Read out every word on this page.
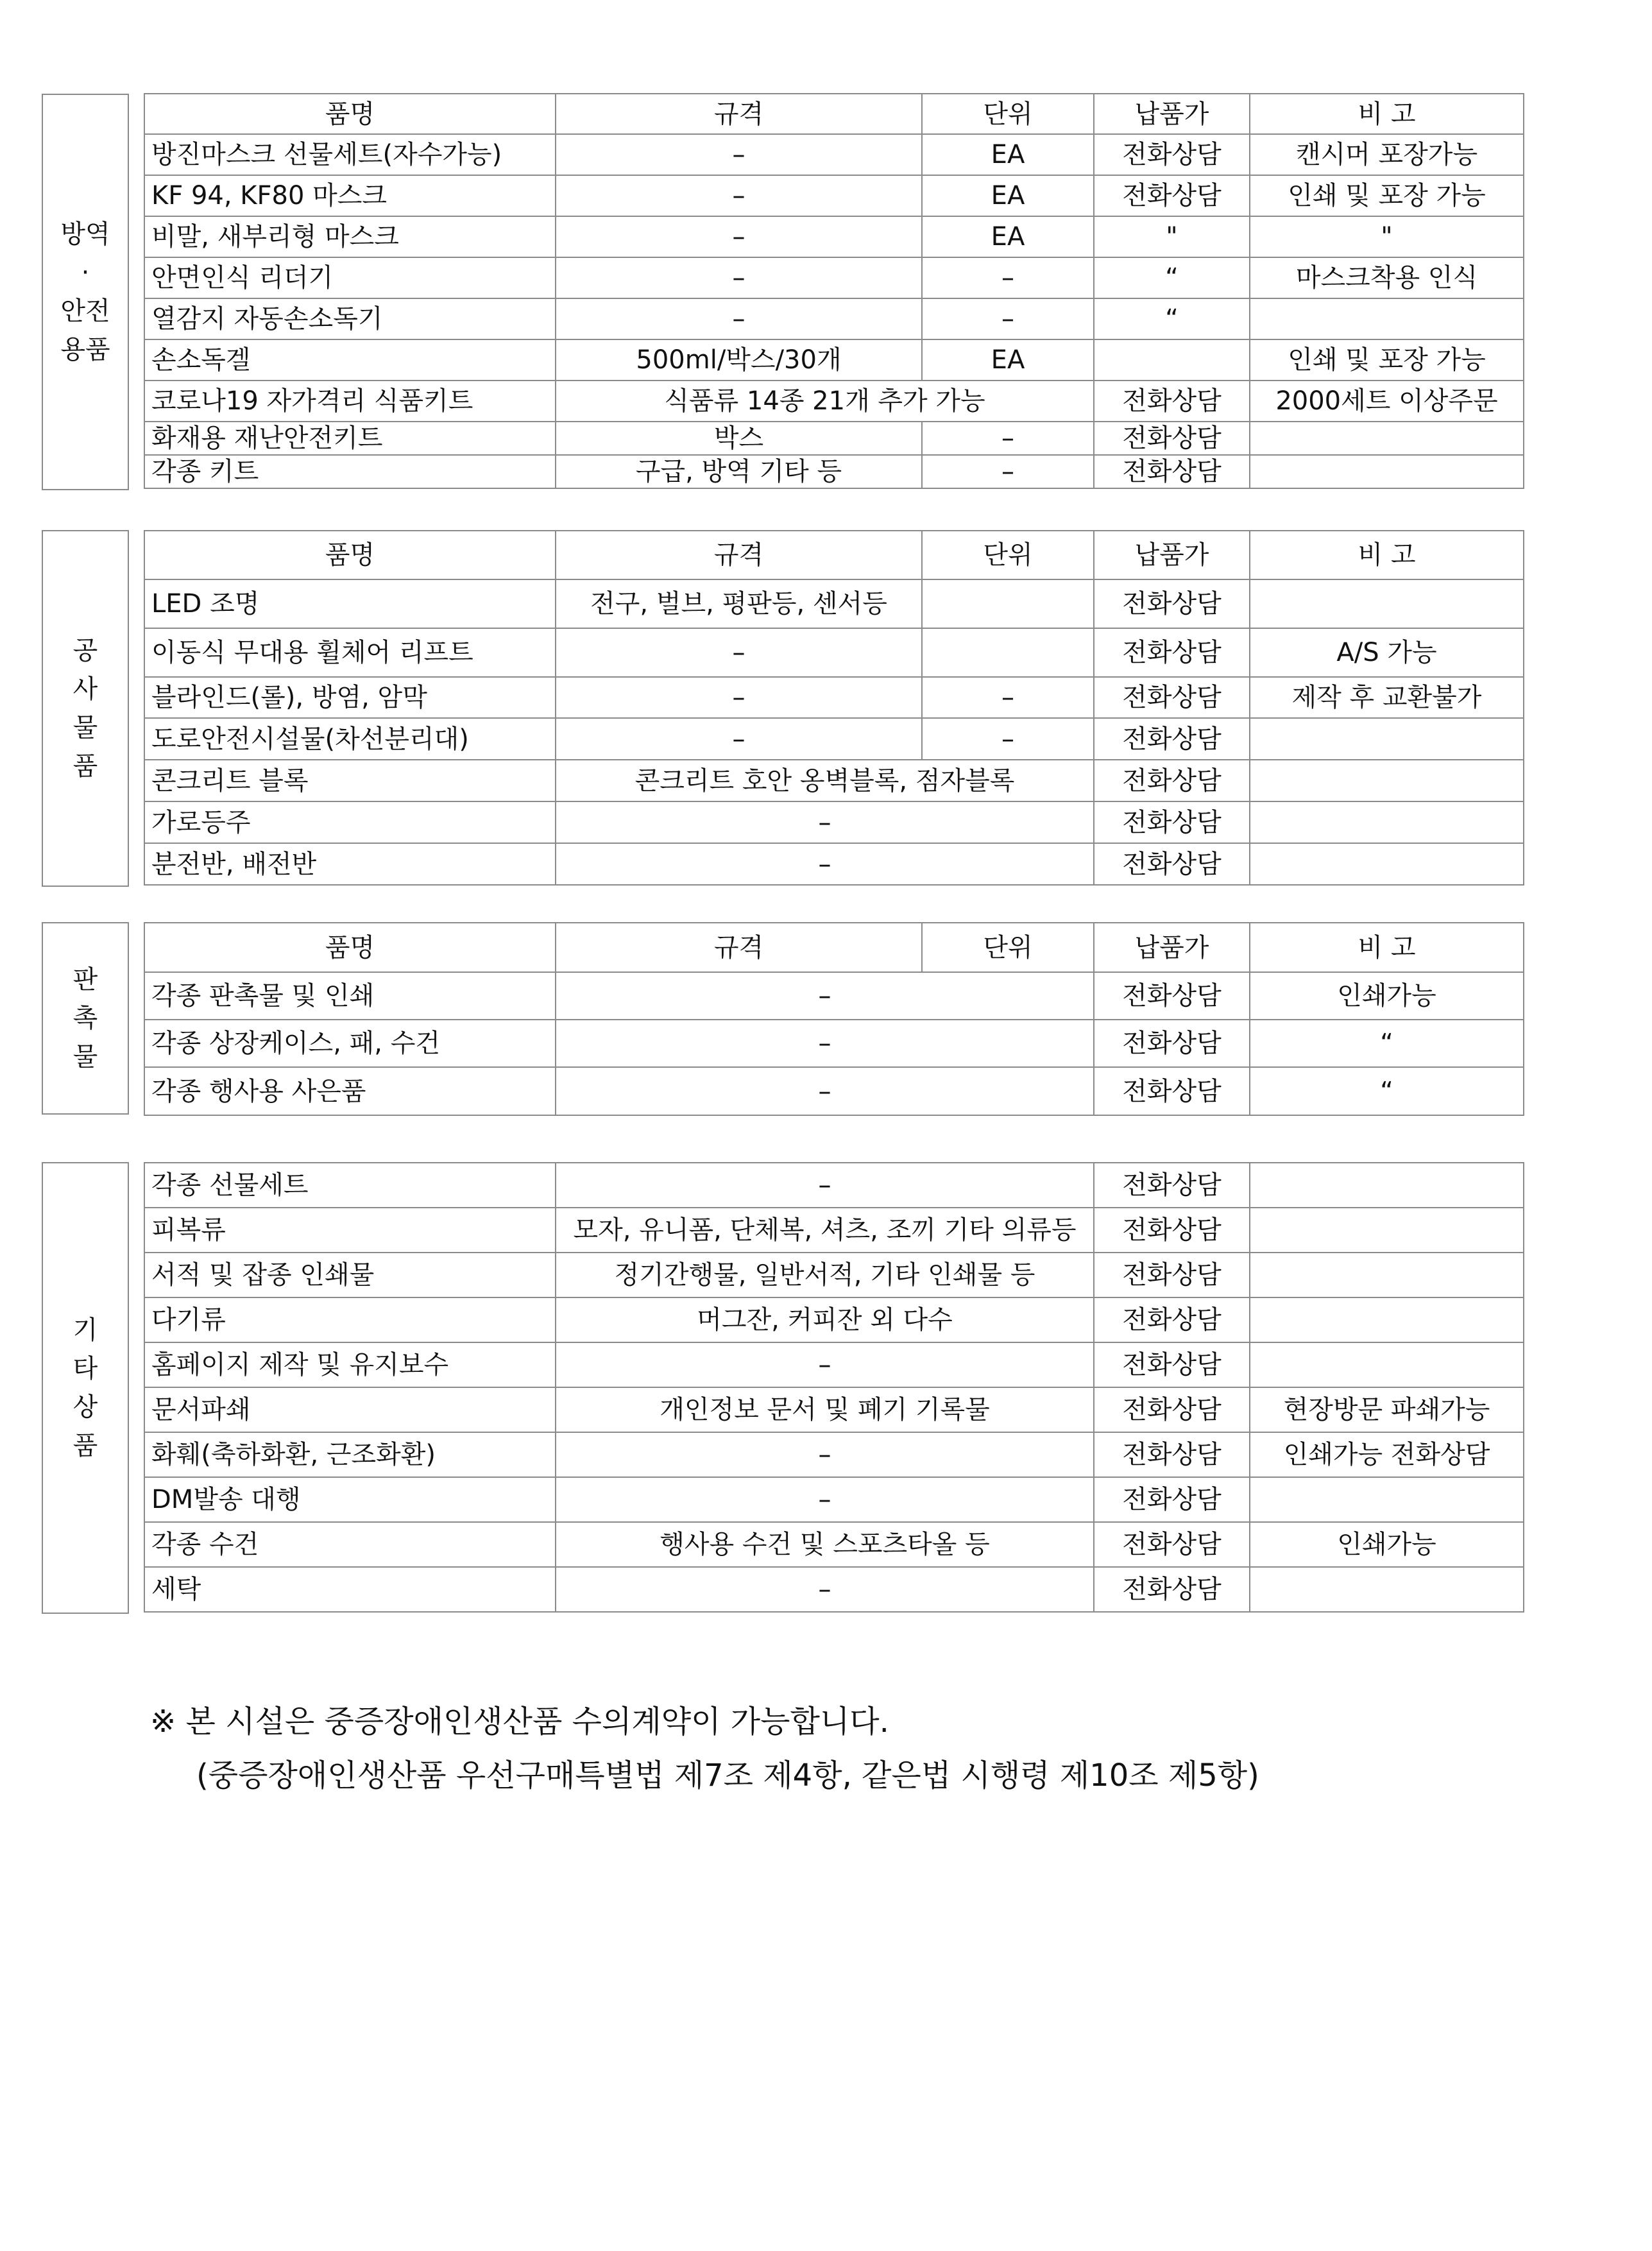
방역
·
안전
용품
품명	규격	단위	납품가	비 고
방진마스크 선물세트(자수가능)	–	EA	전화상담	캔시머 포장가능
KF 94, KF80 마스크	–	EA	전화상담	인쇄 및 포장 가능
비말, 새부리형 마스크	–	EA	"	"
안면인식 리더기	–	–	“	마스크착용 인식
열감지 자동손소독기	–	–	“	
손소독겔	500ml/박스/30개	EA		인쇄 및 포장 가능
코로나19 자가격리 식품키트	식품류 14종 21개 추가 가능		전화상담	2000세트 이상주문
화재용 재난안전키트	박스	–	전화상담	
각종 키트	구급, 방역 기타 등	–	전화상담	
공
사
물
품
품명	규격	단위	납품가	비 고
LED 조명	전구, 벌브, 평판등, 센서등		전화상담	
이동식 무대용 휠체어 리프트	–		전화상담	A/S 가능
블라인드(롤), 방염, 암막	–	–	전화상담	제작 후 교환불가
도로안전시설물(차선분리대)	–	–	전화상담	
콘크리트 블록	콘크리트 호안 옹벽블록, 점자블록		전화상담	
가로등주	–		전화상담	
분전반, 배전반	–		전화상담	
판
촉
물
품명	규격	단위	납품가	비 고
각종 판촉물 및 인쇄	–		전화상담	인쇄가능
각종 상장케이스, 패, 수건	–		전화상담	“
각종 행사용 사은품	–		전화상담	“
기
타
상
품
각종 선물세트	–	전화상담	
피복류	모자, 유니폼, 단체복, 셔츠, 조끼 기타 의류등	전화상담	
서적 및 잡종 인쇄물	정기간행물, 일반서적, 기타 인쇄물 등	전화상담	
다기류	머그잔, 커피잔 외 다수	전화상담	
홈페이지 제작 및 유지보수	–	전화상담	
문서파쇄	개인정보 문서 및 폐기 기록물	전화상담	현장방문 파쇄가능
화훼(축하화환, 근조화환)	–	전화상담	인쇄가능 전화상담
DM발송 대행	–	전화상담	
각종 수건	행사용 수건 및 스포츠타올 등	전화상담	인쇄가능
세탁	–	전화상담	
※ 본 시설은 중증장애인생산품 수의계약이 가능합니다.
(중증장애인생산품 우선구매특별법 제7조 제4항, 같은법 시행령 제10조 제5항)
